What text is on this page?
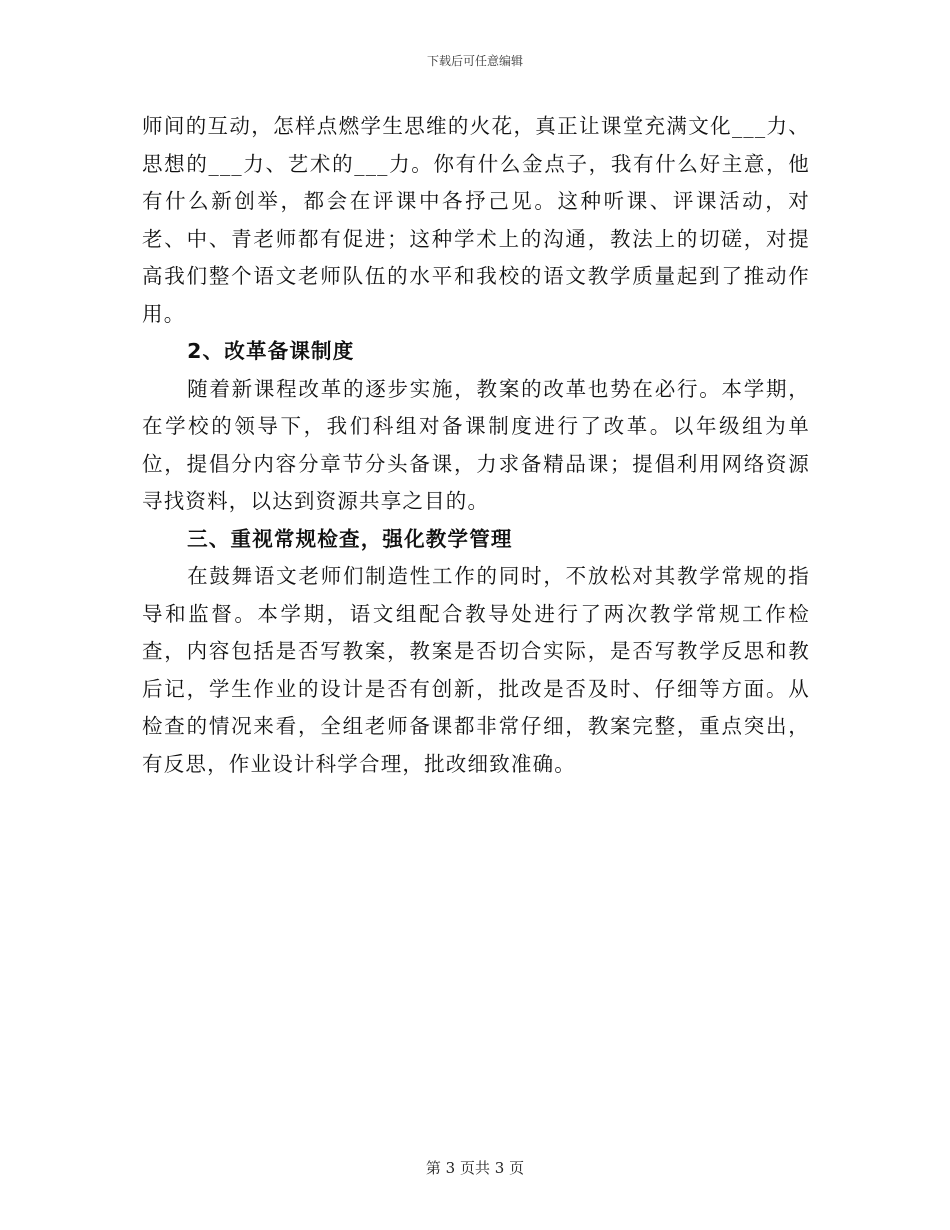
下载后可任意编辑

师间的互动，怎样点燃学生思维的火花，真正让课堂充满文化___力、思想的___力、艺术的___力。你有什么金点子，我有什么好主意，他有什么新创举，都会在评课中各抒己见。这种听课、评课活动，对老、中、青老师都有促进；这种学术上的沟通，教法上的切磋，对提高我们整个语文老师队伍的水平和我校的语文教学质量起到了推动作用。

2、改革备课制度

随着新课程改革的逐步实施，教案的改革也势在必行。本学期，在学校的领导下，我们科组对备课制度进行了改革。以年级组为单位，提倡分内容分章节分头备课，力求备精品课；提倡利用网络资源寻找资料，以达到资源共享之目的。

三、重视常规检查，强化教学管理

在鼓舞语文老师们制造性工作的同时，不放松对其教学常规的指导和监督。本学期，语文组配合教导处进行了两次教学常规工作检查，内容包括是否写教案，教案是否切合实际，是否写教学反思和教后记，学生作业的设计是否有创新，批改是否及时、仔细等方面。从检查的情况来看，全组老师备课都非常仔细，教案完整，重点突出，有反思，作业设计科学合理，批改细致准确。

第 3 页共 3 页
